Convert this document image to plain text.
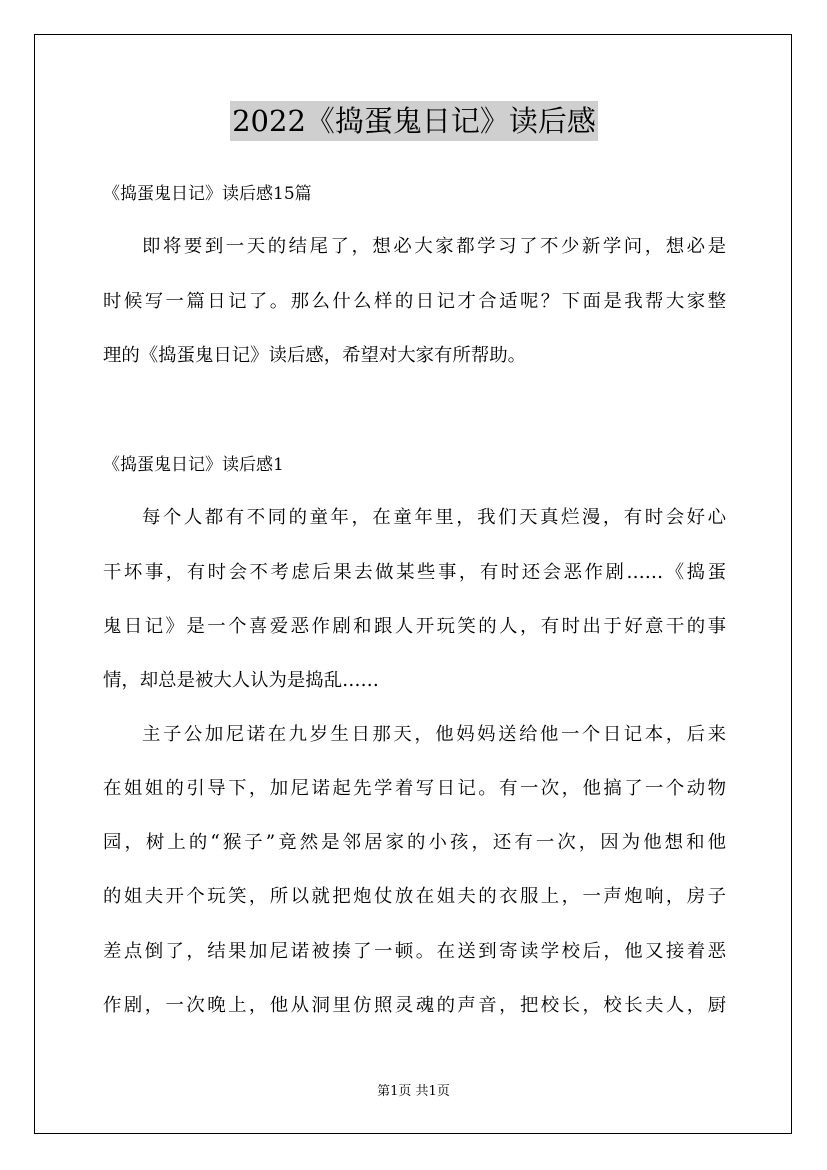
2022《捣蛋鬼日记》读后感
《捣蛋鬼日记》读后感15篇
即将要到一天的结尾了，想必大家都学习了不少新学问，想必是
时候写一篇日记了。那么什么样的日记才合适呢？下面是我帮大家整
理的《捣蛋鬼日记》读后感，希望对大家有所帮助。
《捣蛋鬼日记》读后感1
每个人都有不同的童年，在童年里，我们天真烂漫，有时会好心
干坏事，有时会不考虑后果去做某些事，有时还会恶作剧……《捣蛋
鬼日记》是一个喜爱恶作剧和跟人开玩笑的人，有时出于好意干的事
情，却总是被大人认为是捣乱……
主子公加尼诺在九岁生日那天，他妈妈送给他一个日记本，后来
在姐姐的引导下，加尼诺起先学着写日记。有一次，他搞了一个动物
园，树上的“猴子”竟然是邻居家的小孩，还有一次，因为他想和他
的姐夫开个玩笑，所以就把炮仗放在姐夫的衣服上，一声炮响，房子
差点倒了，结果加尼诺被揍了一顿。在送到寄读学校后，他又接着恶
作剧，一次晚上，他从洞里仿照灵魂的声音，把校长，校长夫人，厨
第1页 共1页
